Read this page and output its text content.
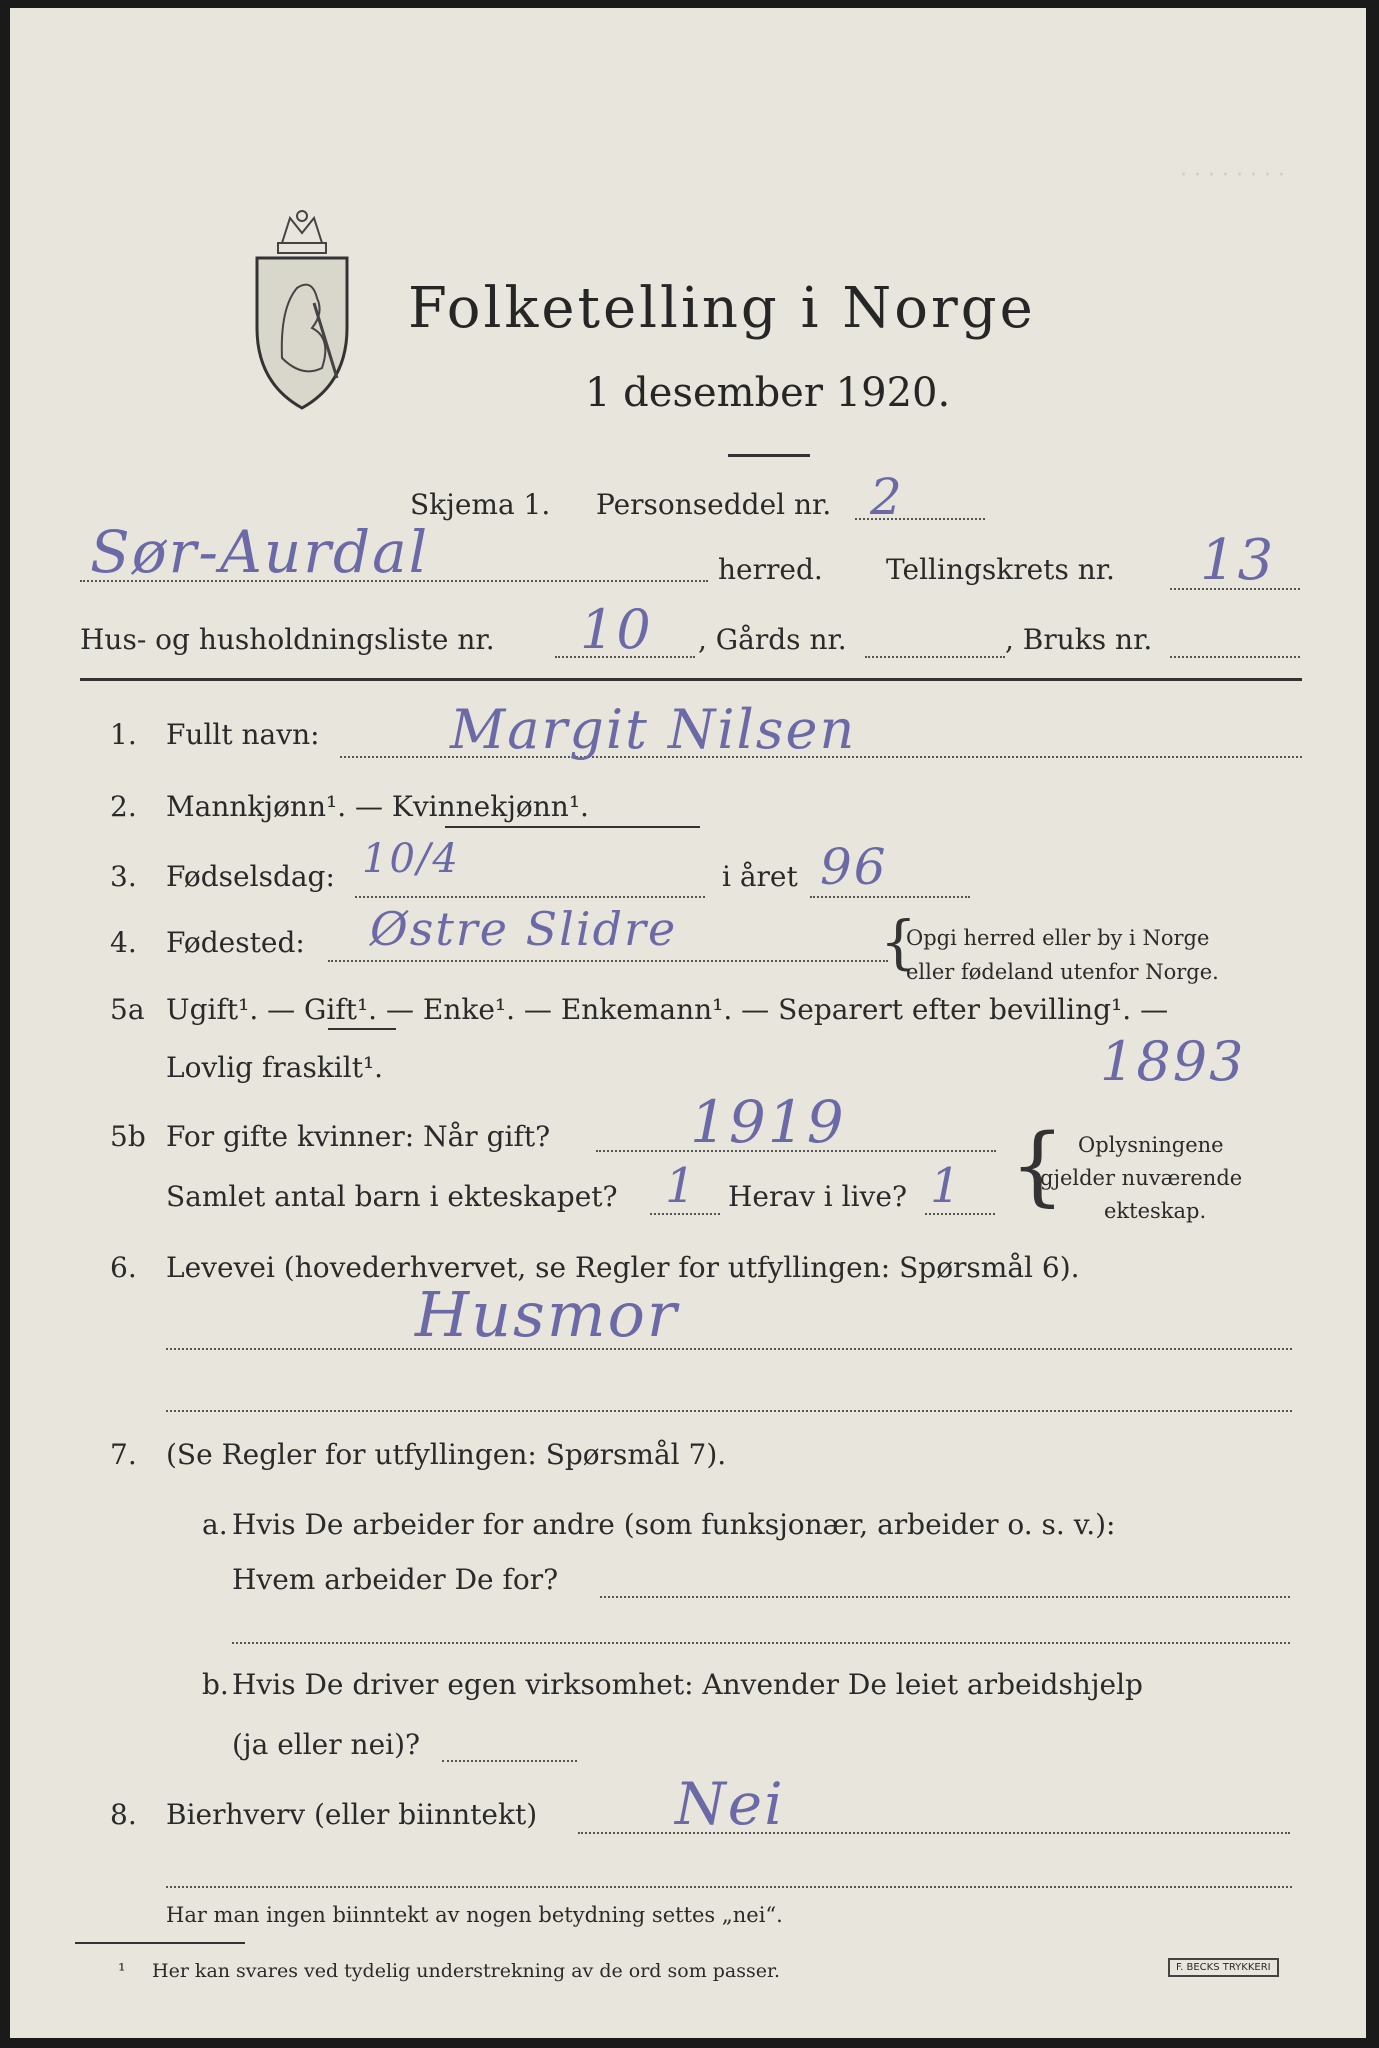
· · · · · · · ·
Folketelling i Norge
1 desember 1920.
Skjema 1. Personseddel nr. 2
Sør-Aurdal	herred. Tellingskrets nr. 13
Hus- og husholdningsliste nr. 10 , Gårds nr.	, Bruks nr.
1. Fullt navn: Margit Nilsen
2. Mannkjønn¹. — Kvinnekjønn¹.
3. Fødselsdag: 10/4	i året 96
4. Fødested: Østre Slidre	{
Opgi herred eller by i Norge
eller fødeland utenfor Norge.
5a Ugift¹. — Gift¹. — Enke¹. — Enkemann¹. — Separert efter bevilling¹. —
Lovlig fraskilt¹.	1893
5b For gifte kvinner: Når gift? 1919
Samlet antal barn i ekteskapet? 1 Herav i live? 1 { Oplysningene
gjelder nuværende
ekteskap.
6. Levevei (hovederhvervet, se Regler for utfyllingen: Spørsmål 6).
Husmor
7. (Se Regler for utfyllingen: Spørsmål 7).
a. Hvis De arbeider for andre (som funksjonær, arbeider o. s. v.):
Hvem arbeider De for?
b. Hvis De driver egen virksomhet: Anvender De leiet arbeidshjelp
(ja eller nei)?
8. Bierhverv (eller biinntekt) Nei
Har man ingen biinntekt av nogen betydning settes „nei“.
¹ Her kan svares ved tydelig understrekning av de ord som passer.	F. BECKS TRYKKERI
